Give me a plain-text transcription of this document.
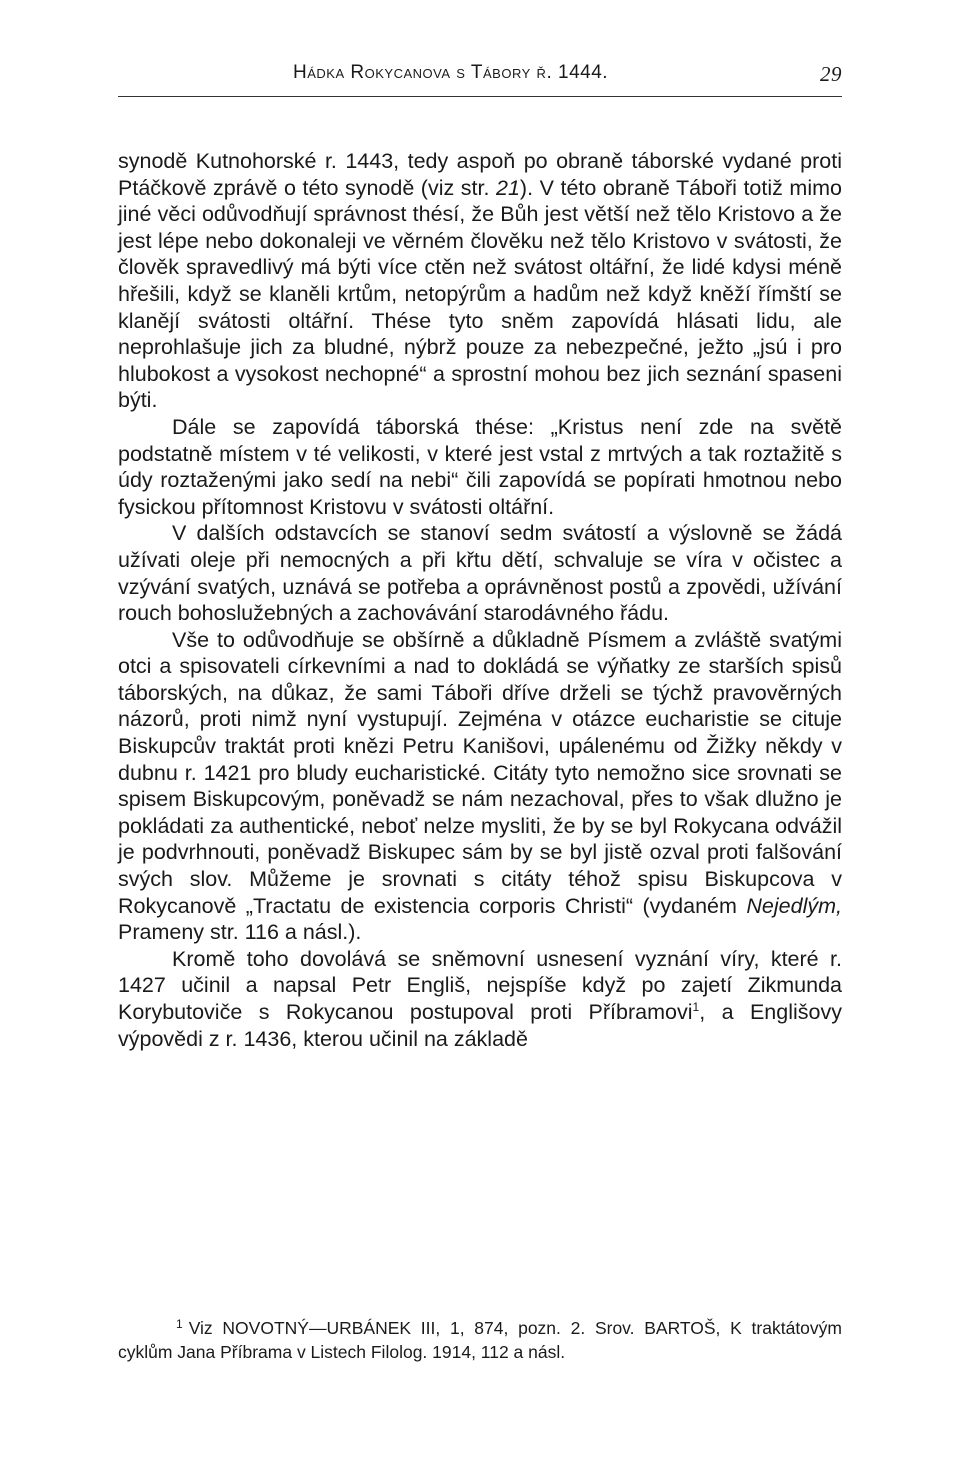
Hádka Rokycanova s Tábory ř. 1444.	29

synodě Kutnohorské r. 1443, tedy aspoň po obraně táborské vydané proti Ptáčkově zprávě o této synodě (viz str. 21). V této obraně Táboři totiž mimo jiné věci odůvodňují správnost thésí, že Bůh jest větší než tělo Kristovo a že jest lépe nebo dokonaleji ve věrném člověku než tělo Kristovo v svátosti, že člověk spravedlivý má býti více ctěn než svátost oltářní, že lidé kdysi méně hřešili, když se klaněli krtům, netopýrům a hadům než když kněží římští se klanějí svátosti oltářní. Thése tyto sněm zapovídá hlásati lidu, ale neprohlašuje jich za bludné, nýbrž pouze za nebezpečné, ježto „jsú i pro hlubokost a vysokost nechopné“ a sprostní mohou bez jich seznání spaseni býti.

Dále se zapovídá táborská thése: „Kristus není zde na světě podstatně místem v té velikosti, v které jest vstal z mrtvých a tak roztažitě s údy roztaženými jako sedí na nebi“ čili zapovídá se popírati hmotnou nebo fysickou přítomnost Kristovu v svátosti oltářní.

V dalších odstavcích se stanoví sedm svátostí a výslovně se žádá užívati oleje při nemocných a při křtu dětí, schvaluje se víra v očistec a vzývání svatých, uznává se potřeba a oprávněnost postů a zpovědi, užívání rouch bohoslužebných a zachovávání starodávného řádu.

Vše to odůvodňuje se obšírně a důkladně Písmem a zvláště svatými otci a spisovateli církevními a nad to dokládá se výňatky ze starších spisů táborských, na důkaz, že sami Táboři dříve drželi se týchž pravověrných názorů, proti nimž nyní vystupují. Zejména v otázce eucharistie se cituje Biskupcův traktát proti knězi Petru Kanišovi, upálenému od Žižky někdy v dubnu r. 1421 pro bludy eucharistické. Citáty tyto nemožno sice srovnati se spisem Biskupcovým, poněvadž se nám nezachoval, přes to však dlužno je pokládati za authentické, neboť nelze mysliti, že by se byl Rokycana odvážil je podvrhnouti, poněvadž Biskupec sám by se byl jistě ozval proti falšování svých slov. Můžeme je srovnati s citáty téhož spisu Biskupcova v Rokycanově „Tractatu de existencia corporis Christi“ (vydaném Nejedlým, Prameny str. 116 a násl.).

Kromě toho dovolává se sněmovní usnesení vyznání víry, které r. 1427 učinil a napsal Petr Engliš, nejspíše když po zajetí Zikmunda Korybutoviče s Rokycanou postupoval proti Příbramovi$^1$, a Englišovy výpovědi z r. 1436, kterou učinil na základě

$^1$ Viz NOVOTNÝ—URBÁNEK III, 1, 874, pozn. 2. Srov. BARTOŠ, K traktátovým cyklům Jana Příbrama v Listech Filolog. 1914, 112 a násl.
